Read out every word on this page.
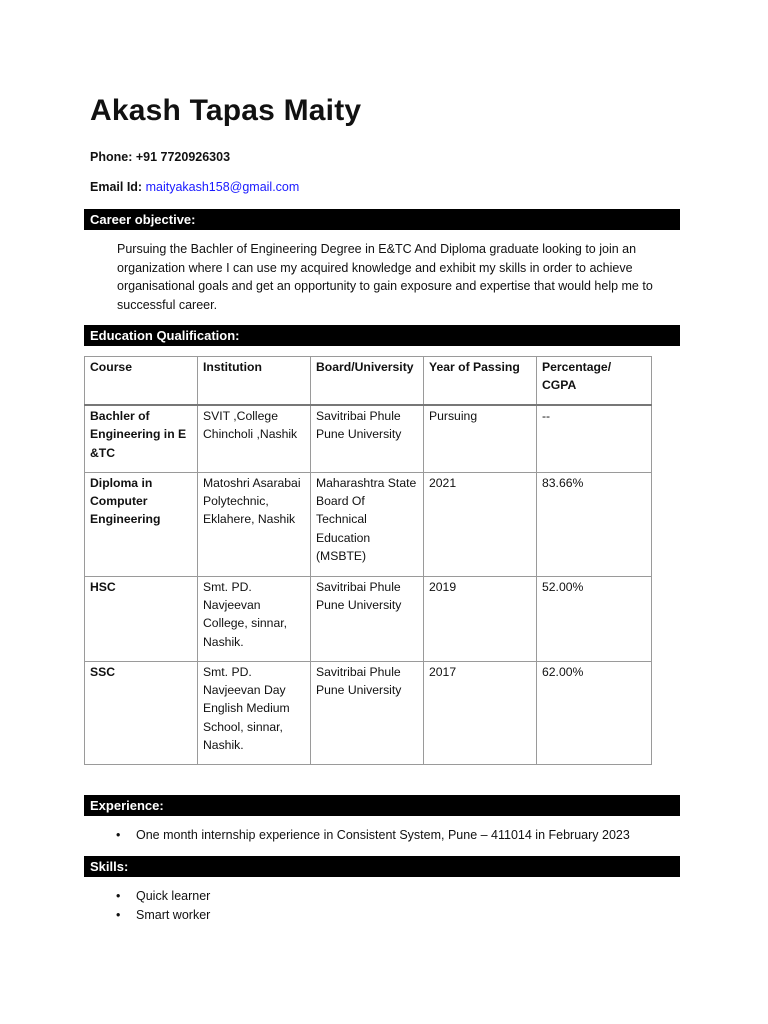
Akash Tapas Maity
Phone: +91 7720926303
Email Id: maityakash158@gmail.com
Career objective:
Pursuing the Bachler of Engineering Degree in E&TC And Diploma graduate looking to join an organization where I can use my acquired knowledge and exhibit my skills in order to achieve organisational goals and get an opportunity to gain exposure and expertise that would help me to successful career.
Education Qualification:
Course	Institution	Board/University	Year of Passing	Percentage/ CGPA
Bachler of Engineering in E &TC	SVIT ,College Chincholi ,Nashik	Savitribai Phule Pune University	Pursuing	--
Diploma in Computer Engineering	Matoshri Asarabai Polytechnic, Eklahere, Nashik	Maharashtra State Board Of Technical Education (MSBTE)	2021	83.66%
HSC	Smt. PD. Navjeevan College, sinnar, Nashik.	Savitribai Phule Pune University	2019	52.00%
SSC	Smt. PD. Navjeevan Day English Medium School, sinnar, Nashik.	Savitribai Phule Pune University	2017	62.00%
Experience:
• One month internship experience in Consistent System, Pune – 411014 in February 2023
Skills:
• Quick learner
• Smart worker
